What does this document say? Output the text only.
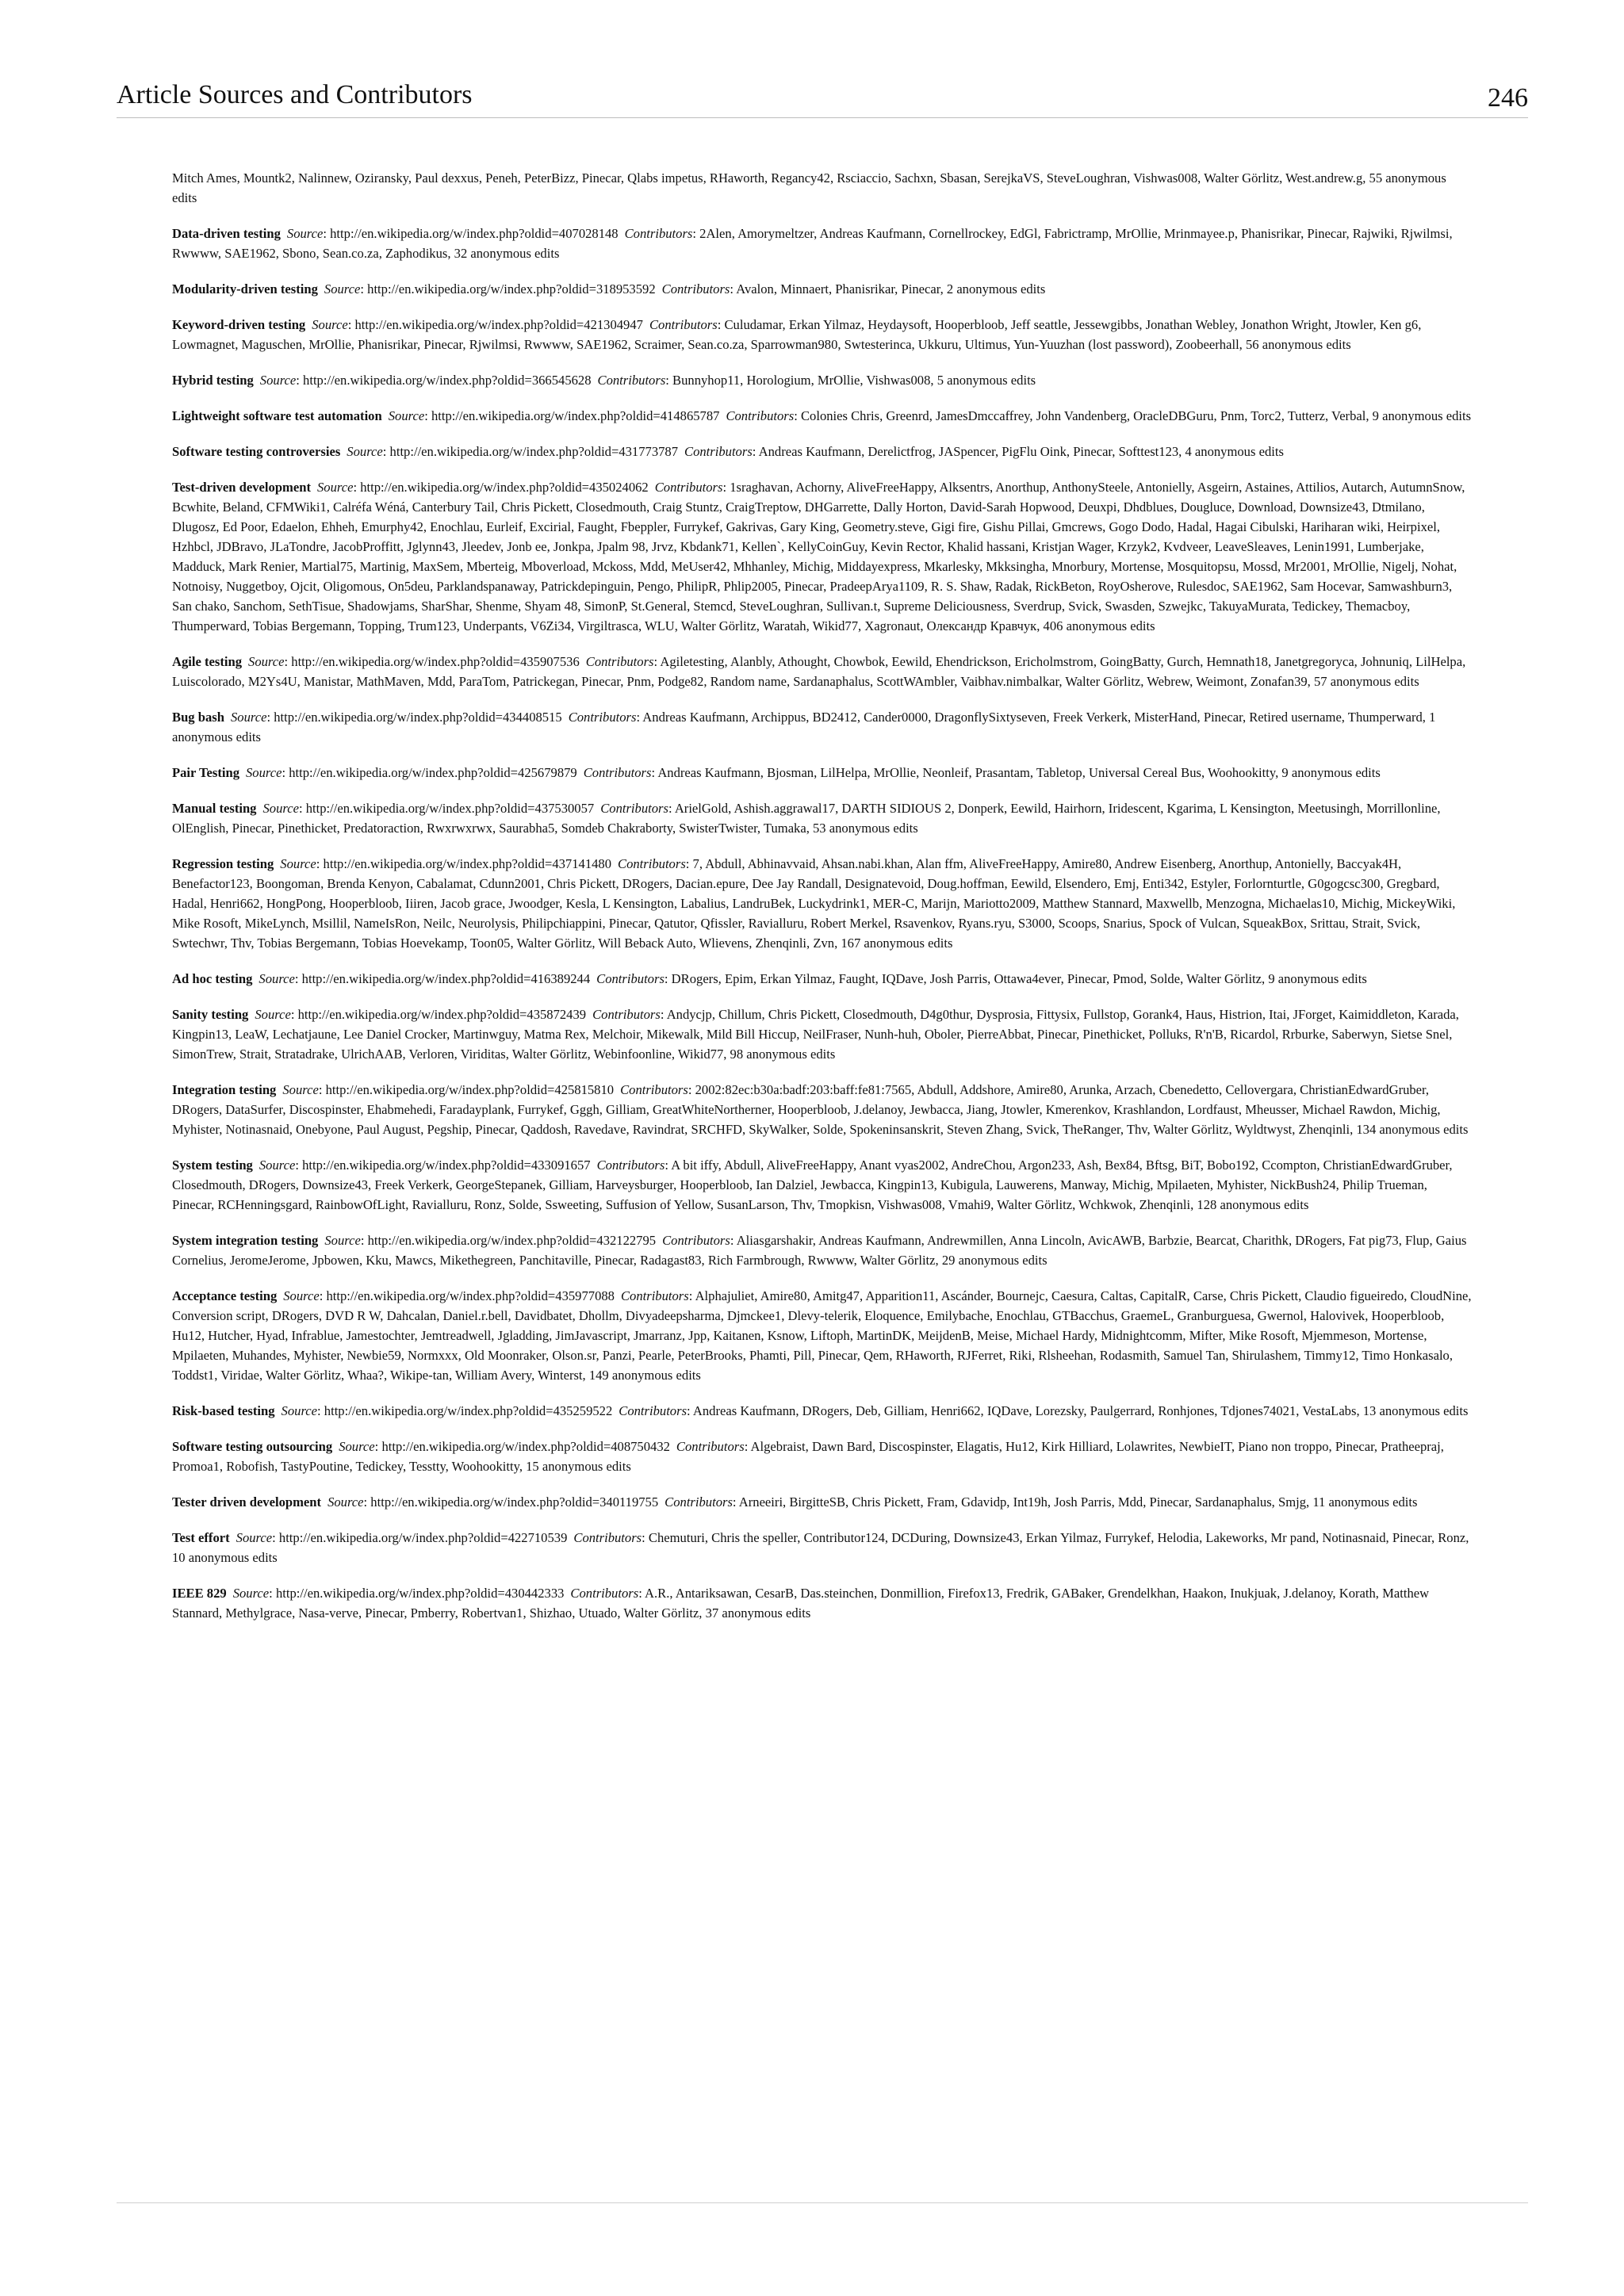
Article Sources and Contributors	246

Mitch Ames, Mountk2, Nalinnew, Oziransky, Paul dexxus, Peneh, PeterBizz, Pinecar, Qlabs impetus, RHaworth, Regancy42, Rsciaccio, Sachxn, Sbasan, SerejkaVS, SteveLoughran, Vishwas008, Walter Görlitz, West.andrew.g, 55 anonymous edits

Data-driven testing Source: http://en.wikipedia.org/w/index.php?oldid=407028148 Contributors: 2Alen, Amorymeltzer, Andreas Kaufmann, Cornellrockey, EdGl, Fabrictramp, MrOllie, Mrinmayee.p, Phanisrikar, Pinecar, Rajwiki, Rjwilmsi, Rwwww, SAE1962, Sbono, Sean.co.za, Zaphodikus, 32 anonymous edits

Modularity-driven testing Source: http://en.wikipedia.org/w/index.php?oldid=318953592 Contributors: Avalon, Minnaert, Phanisrikar, Pinecar, 2 anonymous edits

Keyword-driven testing Source: http://en.wikipedia.org/w/index.php?oldid=421304947 Contributors: Culudamar, Erkan Yilmaz, Heydaysoft, Hooperbloob, Jeff seattle, Jessewgibbs, Jonathan Webley, Jonathon Wright, Jtowler, Ken g6, Lowmagnet, Maguschen, MrOllie, Phanisrikar, Pinecar, Rjwilmsi, Rwwww, SAE1962, Scraimer, Sean.co.za, Sparrowman980, Swtesterinca, Ukkuru, Ultimus, Yun-Yuuzhan (lost password), Zoobeerhall, 56 anonymous edits

Hybrid testing Source: http://en.wikipedia.org/w/index.php?oldid=366545628 Contributors: Bunnyhop11, Horologium, MrOllie, Vishwas008, 5 anonymous edits

Lightweight software test automation Source: http://en.wikipedia.org/w/index.php?oldid=414865787 Contributors: Colonies Chris, Greenrd, JamesDmccaffrey, John Vandenberg, OracleDBGuru, Pnm, Torc2, Tutterz, Verbal, 9 anonymous edits

Software testing controversies Source: http://en.wikipedia.org/w/index.php?oldid=431773787 Contributors: Andreas Kaufmann, Derelictfrog, JASpencer, PigFlu Oink, Pinecar, Softtest123, 4 anonymous edits

Test-driven development Source: http://en.wikipedia.org/w/index.php?oldid=435024062 Contributors: 1sraghavan, Achorny, AliveFreeHappy, Alksentrs, Anorthup, AnthonySteele, Antonielly, Asgeirn, Astaines, Attilios, Autarch, AutumnSnow, Bcwhite, Beland, CFMWiki1, Calréfa Wéná, Canterbury Tail, Chris Pickett, Closedmouth, Craig Stuntz, CraigTreptow, DHGarrette, Dally Horton, David-Sarah Hopwood, Deuxpi, Dhdblues, Dougluce, Download, Downsize43, Dtmilano, Dlugosz, Ed Poor, Edaelon, Ehheh, Emurphy42, Enochlau, Eurleif, Excirial, Faught, Fbeppler, Furrykef, Gakrivas, Gary King, Geometry.steve, Gigi fire, Gishu Pillai, Gmcrews, Gogo Dodo, Hadal, Hagai Cibulski, Hariharan wiki, Heirpixel, Hzhbcl, JDBravo, JLaTondre, JacobProffitt, Jglynn43, Jleedev, Jonb ee, Jonkpa, Jpalm 98, Jrvz, Kbdank71, Kellen`, KellyCoinGuy, Kevin Rector, Khalid hassani, Kristjan Wager, Krzyk2, Kvdveer, LeaveSleaves, Lenin1991, Lumberjake, Madduck, Mark Renier, Martial75, Martinig, MaxSem, Mberteig, Mboverload, Mckoss, Mdd, MeUser42, Mhhanley, Michig, Middayexpress, Mkarlesky, Mkksingha, Mnorbury, Mortense, Mosquitopsu, Mossd, Mr2001, MrOllie, Nigelj, Nohat, Notnoisy, Nuggetboy, Ojcit, Oligomous, On5deu, Parklandspanaway, Patrickdepinguin, Pengo, PhilipR, Phlip2005, Pinecar, PradeepArya1109, R. S. Shaw, Radak, RickBeton, RoyOsherove, Rulesdoc, SAE1962, Sam Hocevar, Samwashburn3, San chako, Sanchom, SethTisue, Shadowjams, SharShar, Shenme, Shyam 48, SimonP, St.General, Stemcd, SteveLoughran, Sullivan.t, Supreme Deliciousness, Sverdrup, Svick, Swasden, Szwejkc, TakuyaMurata, Tedickey, Themacboy, Thumperward, Tobias Bergemann, Topping, Trum123, Underpants, V6Zi34, Virgiltrasca, WLU, Walter Görlitz, Waratah, Wikid77, Xagronaut, Олександр Кравчук, 406 anonymous edits

Agile testing Source: http://en.wikipedia.org/w/index.php?oldid=435907536 Contributors: Agiletesting, Alanbly, Athought, Chowbok, Eewild, Ehendrickson, Ericholmstrom, GoingBatty, Gurch, Hemnath18, Janetgregoryca, Johnuniq, LilHelpa, Luiscolorado, M2Ys4U, Manistar, MathMaven, Mdd, ParaTom, Patrickegan, Pinecar, Pnm, Podge82, Random name, Sardanaphalus, ScottWAmbler, Vaibhav.nimbalkar, Walter Görlitz, Webrew, Weimont, Zonafan39, 57 anonymous edits

Bug bash Source: http://en.wikipedia.org/w/index.php?oldid=434408515 Contributors: Andreas Kaufmann, Archippus, BD2412, Cander0000, DragonflySixtyseven, Freek Verkerk, MisterHand, Pinecar, Retired username, Thumperward, 1 anonymous edits

Pair Testing Source: http://en.wikipedia.org/w/index.php?oldid=425679879 Contributors: Andreas Kaufmann, Bjosman, LilHelpa, MrOllie, Neonleif, Prasantam, Tabletop, Universal Cereal Bus, Woohookitty, 9 anonymous edits

Manual testing Source: http://en.wikipedia.org/w/index.php?oldid=437530057 Contributors: ArielGold, Ashish.aggrawal17, DARTH SIDIOUS 2, Donperk, Eewild, Hairhorn, Iridescent, Kgarima, L Kensington, Meetusingh, Morrillonline, OlEnglish, Pinecar, Pinethicket, Predatoraction, Rwxrwxrwx, Saurabha5, Somdeb Chakraborty, SwisterTwister, Tumaka, 53 anonymous edits

Regression testing Source: http://en.wikipedia.org/w/index.php?oldid=437141480 Contributors: 7, Abdull, Abhinavvaid, Ahsan.nabi.khan, Alan ffm, AliveFreeHappy, Amire80, Andrew Eisenberg, Anorthup, Antonielly, Baccyak4H, Benefactor123, Boongoman, Brenda Kenyon, Cabalamat, Cdunn2001, Chris Pickett, DRogers, Dacian.epure, Dee Jay Randall, Designatevoid, Doug.hoffman, Eewild, Elsendero, Emj, Enti342, Estyler, Forlornturtle, G0gogcsc300, Gregbard, Hadal, Henri662, HongPong, Hooperbloob, Iiiren, Jacob grace, Jwoodger, Kesla, L Kensington, Labalius, LandruBek, Luckydrink1, MER-C, Marijn, Mariotto2009, Matthew Stannard, Maxwellb, Menzogna, Michaelas10, Michig, MickeyWiki, Mike Rosoft, MikeLynch, Msillil, NameIsRon, Neilc, Neurolysis, Philipchiappini, Pinecar, Qatutor, Qfissler, Ravialluru, Robert Merkel, Rsavenkov, Ryans.ryu, S3000, Scoops, Snarius, Spock of Vulcan, SqueakBox, Srittau, Strait, Svick, Swtechwr, Thv, Tobias Bergemann, Tobias Hoevekamp, Toon05, Walter Görlitz, Will Beback Auto, Wlievens, Zhenqinli, Zvn, 167 anonymous edits

Ad hoc testing Source: http://en.wikipedia.org/w/index.php?oldid=416389244 Contributors: DRogers, Epim, Erkan Yilmaz, Faught, IQDave, Josh Parris, Ottawa4ever, Pinecar, Pmod, Solde, Walter Görlitz, 9 anonymous edits

Sanity testing Source: http://en.wikipedia.org/w/index.php?oldid=435872439 Contributors: Andycjp, Chillum, Chris Pickett, Closedmouth, D4g0thur, Dysprosia, Fittysix, Fullstop, Gorank4, Haus, Histrion, Itai, JForget, Kaimiddleton, Karada, Kingpin13, LeaW, Lechatjaune, Lee Daniel Crocker, Martinwguy, Matma Rex, Melchoir, Mikewalk, Mild Bill Hiccup, NeilFraser, Nunh-huh, Oboler, PierreAbbat, Pinecar, Pinethicket, Polluks, R'n'B, Ricardol, Rrburke, Saberwyn, Sietse Snel, SimonTrew, Strait, Stratadrake, UlrichAAB, Verloren, Viriditas, Walter Görlitz, Webinfoonline, Wikid77, 98 anonymous edits

Integration testing Source: http://en.wikipedia.org/w/index.php?oldid=425815810 Contributors: 2002:82ec:b30a:badf:203:baff:fe81:7565, Abdull, Addshore, Amire80, Arunka, Arzach, Cbenedetto, Cellovergara, ChristianEdwardGruber, DRogers, DataSurfer, Discospinster, Ehabmehedi, Faradayplank, Furrykef, Gggh, Gilliam, GreatWhiteNortherner, Hooperbloob, J.delanoy, Jewbacca, Jiang, Jtowler, Kmerenkov, Krashlandon, Lordfaust, Mheusser, Michael Rawdon, Michig, Myhister, Notinasnaid, Onebyone, Paul August, Pegship, Pinecar, Qaddosh, Ravedave, Ravindrat, SRCHFD, SkyWalker, Solde, Spokeninsanskrit, Steven Zhang, Svick, TheRanger, Thv, Walter Görlitz, Wyldtwyst, Zhenqinli, 134 anonymous edits

System testing Source: http://en.wikipedia.org/w/index.php?oldid=433091657 Contributors: A bit iffy, Abdull, AliveFreeHappy, Anant vyas2002, AndreChou, Argon233, Ash, Bex84, Bftsg, BiT, Bobo192, Ccompton, ChristianEdwardGruber, Closedmouth, DRogers, Downsize43, Freek Verkerk, GeorgeStepanek, Gilliam, Harveysburger, Hooperbloob, Ian Dalziel, Jewbacca, Kingpin13, Kubigula, Lauwerens, Manway, Michig, Mpilaeten, Myhister, NickBush24, Philip Trueman, Pinecar, RCHenningsgard, RainbowOfLight, Ravialluru, Ronz, Solde, Ssweeting, Suffusion of Yellow, SusanLarson, Thv, Tmopkisn, Vishwas008, Vmahi9, Walter Görlitz, Wchkwok, Zhenqinli, 128 anonymous edits

System integration testing Source: http://en.wikipedia.org/w/index.php?oldid=432122795 Contributors: Aliasgarshakir, Andreas Kaufmann, Andrewmillen, Anna Lincoln, AvicAWB, Barbzie, Bearcat, Charithk, DRogers, Fat pig73, Flup, Gaius Cornelius, JeromeJerome, Jpbowen, Kku, Mawcs, Mikethegreen, Panchitaville, Pinecar, Radagast83, Rich Farmbrough, Rwwww, Walter Görlitz, 29 anonymous edits

Acceptance testing Source: http://en.wikipedia.org/w/index.php?oldid=435977088 Contributors: Alphajuliet, Amire80, Amitg47, Apparition11, Ascánder, Bournejc, Caesura, Caltas, CapitalR, Carse, Chris Pickett, Claudio figueiredo, CloudNine, Conversion script, DRogers, DVD R W, Dahcalan, Daniel.r.bell, Davidbatet, Dhollm, Divyadeepsharma, Djmckee1, Dlevy-telerik, Eloquence, Emilybache, Enochlau, GTBacchus, GraemeL, Granburguesa, Gwernol, Halovivek, Hooperbloob, Hu12, Hutcher, Hyad, Infrablue, Jamestochter, Jemtreadwell, Jgladding, JimJavascript, Jmarranz, Jpp, Kaitanen, Ksnow, Liftoph, MartinDK, MeijdenB, Meise, Michael Hardy, Midnightcomm, Mifter, Mike Rosoft, Mjemmeson, Mortense, Mpilaeten, Muhandes, Myhister, Newbie59, Normxxx, Old Moonraker, Olson.sr, Panzi, Pearle, PeterBrooks, Phamti, Pill, Pinecar, Qem, RHaworth, RJFerret, Riki, Rlsheehan, Rodasmith, Samuel Tan, Shirulashem, Timmy12, Timo Honkasalo, Toddst1, Viridae, Walter Görlitz, Whaa?, Wikipe-tan, William Avery, Winterst, 149 anonymous edits

Risk-based testing Source: http://en.wikipedia.org/w/index.php?oldid=435259522 Contributors: Andreas Kaufmann, DRogers, Deb, Gilliam, Henri662, IQDave, Lorezsky, Paulgerrard, Ronhjones, Tdjones74021, VestaLabs, 13 anonymous edits

Software testing outsourcing Source: http://en.wikipedia.org/w/index.php?oldid=408750432 Contributors: Algebraist, Dawn Bard, Discospinster, Elagatis, Hu12, Kirk Hilliard, Lolawrites, NewbieIT, Piano non troppo, Pinecar, Pratheepraj, Promoa1, Robofish, TastyPoutine, Tedickey, Tesstty, Woohookitty, 15 anonymous edits

Tester driven development Source: http://en.wikipedia.org/w/index.php?oldid=340119755 Contributors: Arneeiri, BirgitteSB, Chris Pickett, Fram, Gdavidp, Int19h, Josh Parris, Mdd, Pinecar, Sardanaphalus, Smjg, 11 anonymous edits

Test effort Source: http://en.wikipedia.org/w/index.php?oldid=422710539 Contributors: Chemuturi, Chris the speller, Contributor124, DCDuring, Downsize43, Erkan Yilmaz, Furrykef, Helodia, Lakeworks, Mr pand, Notinasnaid, Pinecar, Ronz, 10 anonymous edits

IEEE 829 Source: http://en.wikipedia.org/w/index.php?oldid=430442333 Contributors: A.R., Antariksawan, CesarB, Das.steinchen, Donmillion, Firefox13, Fredrik, GABaker, Grendelkhan, Haakon, Inukjuak, J.delanoy, Korath, Matthew Stannard, Methylgrace, Nasa-verve, Pinecar, Pmberry, Robertvan1, Shizhao, Utuado, Walter Görlitz, 37 anonymous edits
